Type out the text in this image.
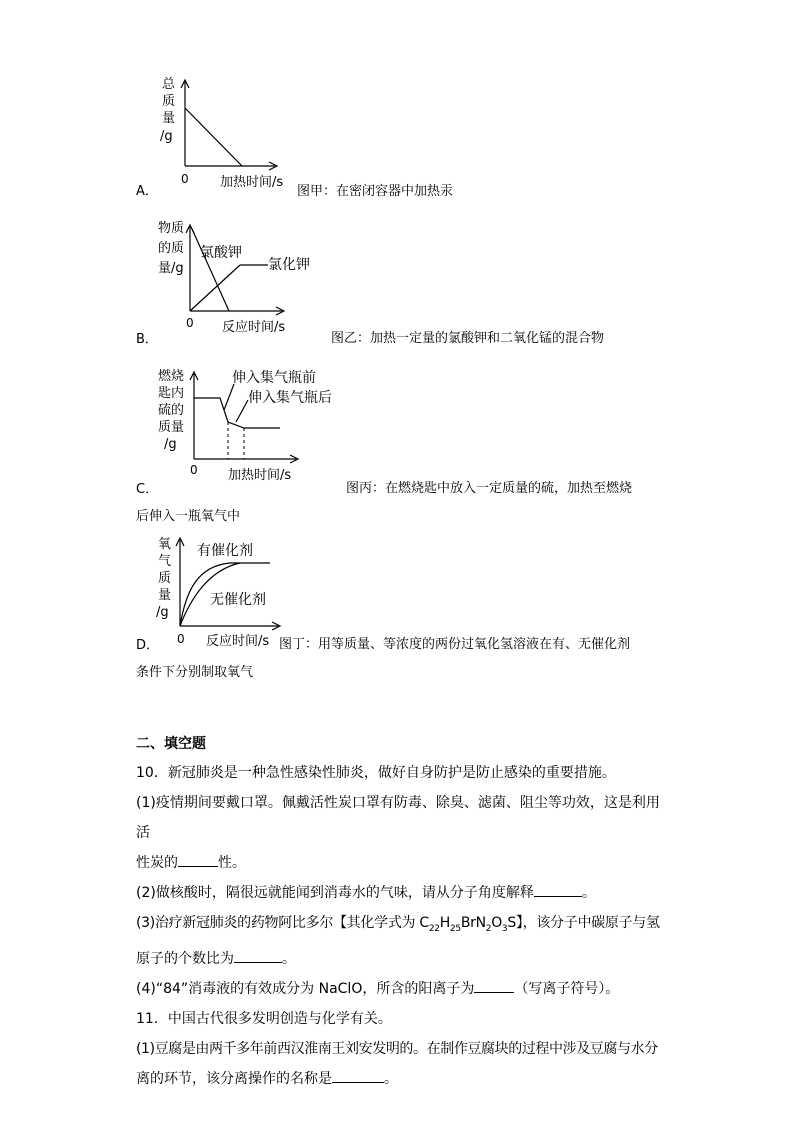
总
质
量
/g
0 加热时间/s
A．	图甲：在密闭容器中加热汞
物质
的质
量/g
氯酸钾
氯化钾
0 反应时间/s
B．	图乙：加热一定量的氯酸钾和二氧化锰的混合物
燃烧
匙内
硫的
质量
/g
伸入集气瓶前
伸入集气瓶后
0 加热时间/s
C．	图丙：在燃烧匙中放入一定质量的硫，加热至燃烧
后伸入一瓶氧气中
氧
气
质
量
/g
有催化剂
无催化剂
0 反应时间/s
D．	图丁：用等质量、等浓度的两份过氧化氢溶液在有、无催化剂
条件下分别制取氧气
二、填空题
10．新冠肺炎是一种急性感染性肺炎，做好自身防护是防止感染的重要措施。
(1)疫情期间要戴口罩。佩戴活性炭口罩有防毒、除臭、滤菌、阻尘等功效，这是利用活
性炭的	性。
(2)做核酸时，隔很远就能闻到消毒水的气味，请从分子角度解释	。
(3)治疗新冠肺炎的药物阿比多尔【其化学式为 $C_{22}H_{25}BrN_2O_3S$】，该分子中碳原子与氢
原子的个数比为	。
(4)“84”消毒液的有效成分为 NaClO，所含的阳离子为	（写离子符号）。
11．中国古代很多发明创造与化学有关。
(1)豆腐是由两千多年前西汉淮南王刘安发明的。在制作豆腐块的过程中涉及豆腐与水分
离的环节，该分离操作的名称是	。
